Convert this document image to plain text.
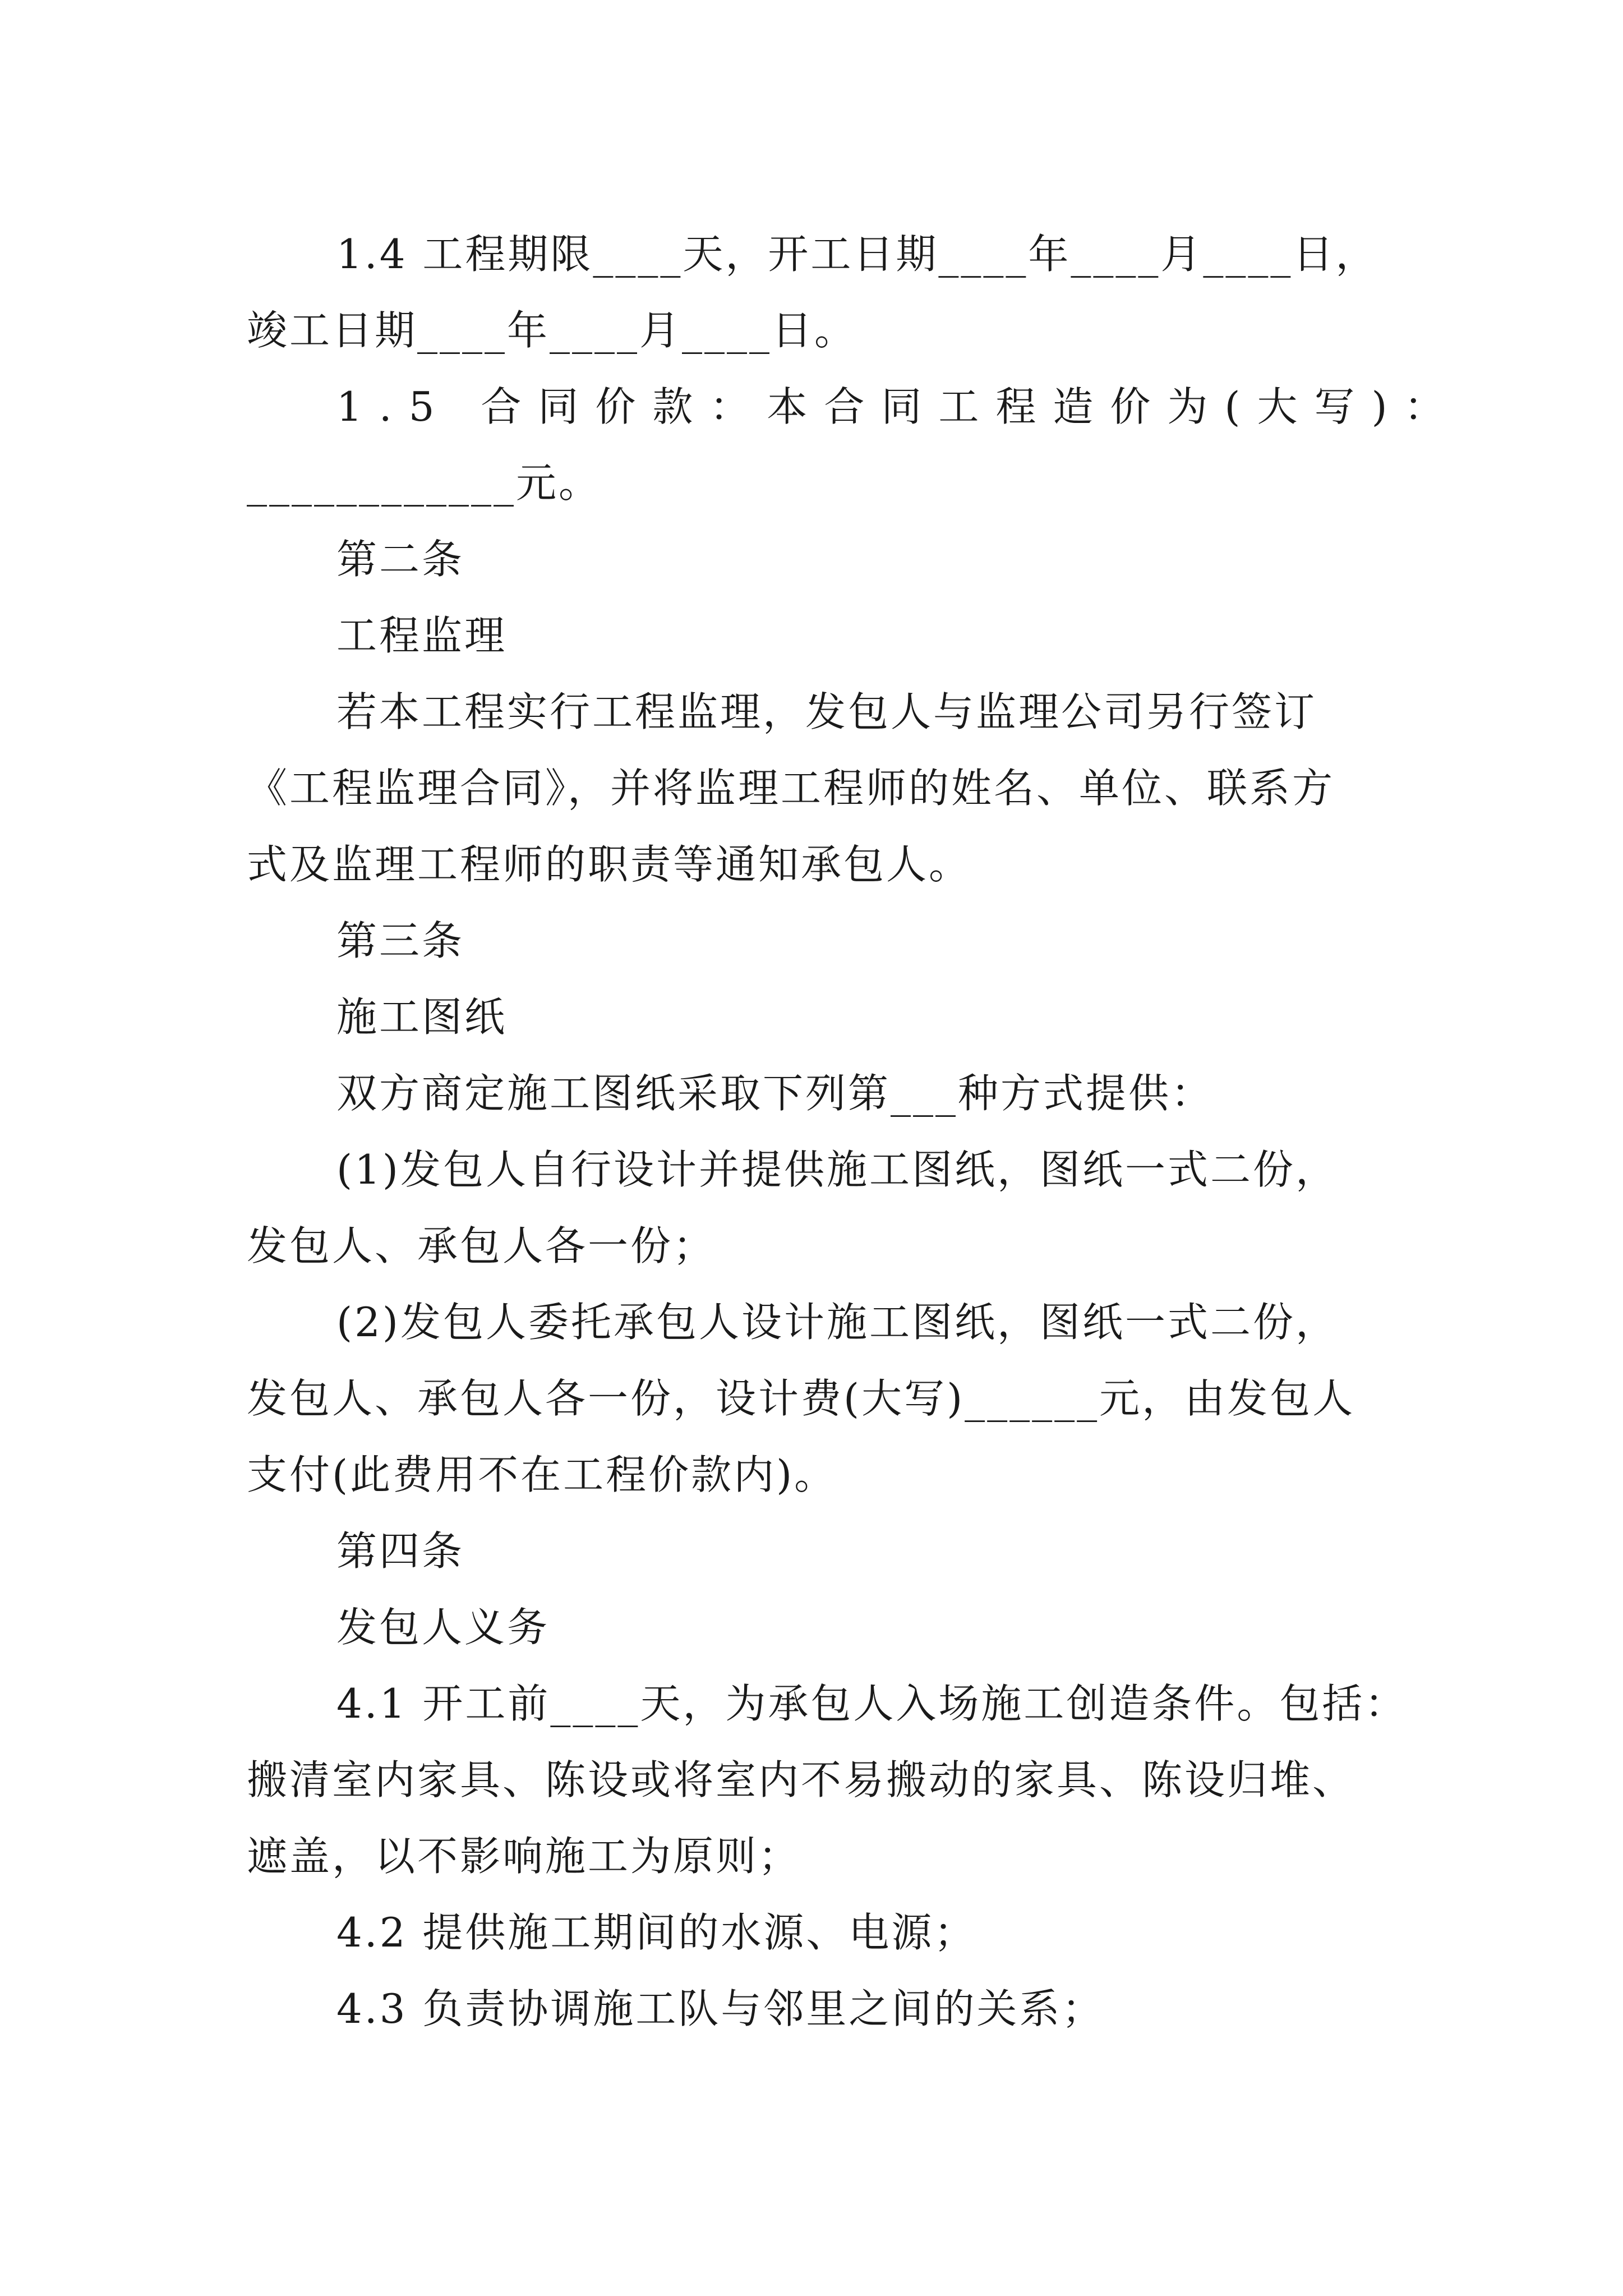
1.4 工程期限____天，开工日期____年____月____日，
竣工日期____年____月____日。
1.5 合同价款：本合同工程造价为(大写)：
____________元。
第二条
工程监理
若本工程实行工程监理，发包人与监理公司另行签订
《工程监理合同》，并将监理工程师的姓名、单位、联系方
式及监理工程师的职责等通知承包人。
第三条
施工图纸
双方商定施工图纸采取下列第___种方式提供：
(1)发包人自行设计并提供施工图纸，图纸一式二份，
发包人、承包人各一份；
(2)发包人委托承包人设计施工图纸，图纸一式二份，
发包人、承包人各一份，设计费(大写)______元，由发包人
支付(此费用不在工程价款内)。
第四条
发包人义务
4.1 开工前____天，为承包人入场施工创造条件。包括：
搬清室内家具、陈设或将室内不易搬动的家具、陈设归堆、
遮盖，以不影响施工为原则；
4.2 提供施工期间的水源、电源；
4.3 负责协调施工队与邻里之间的关系；
